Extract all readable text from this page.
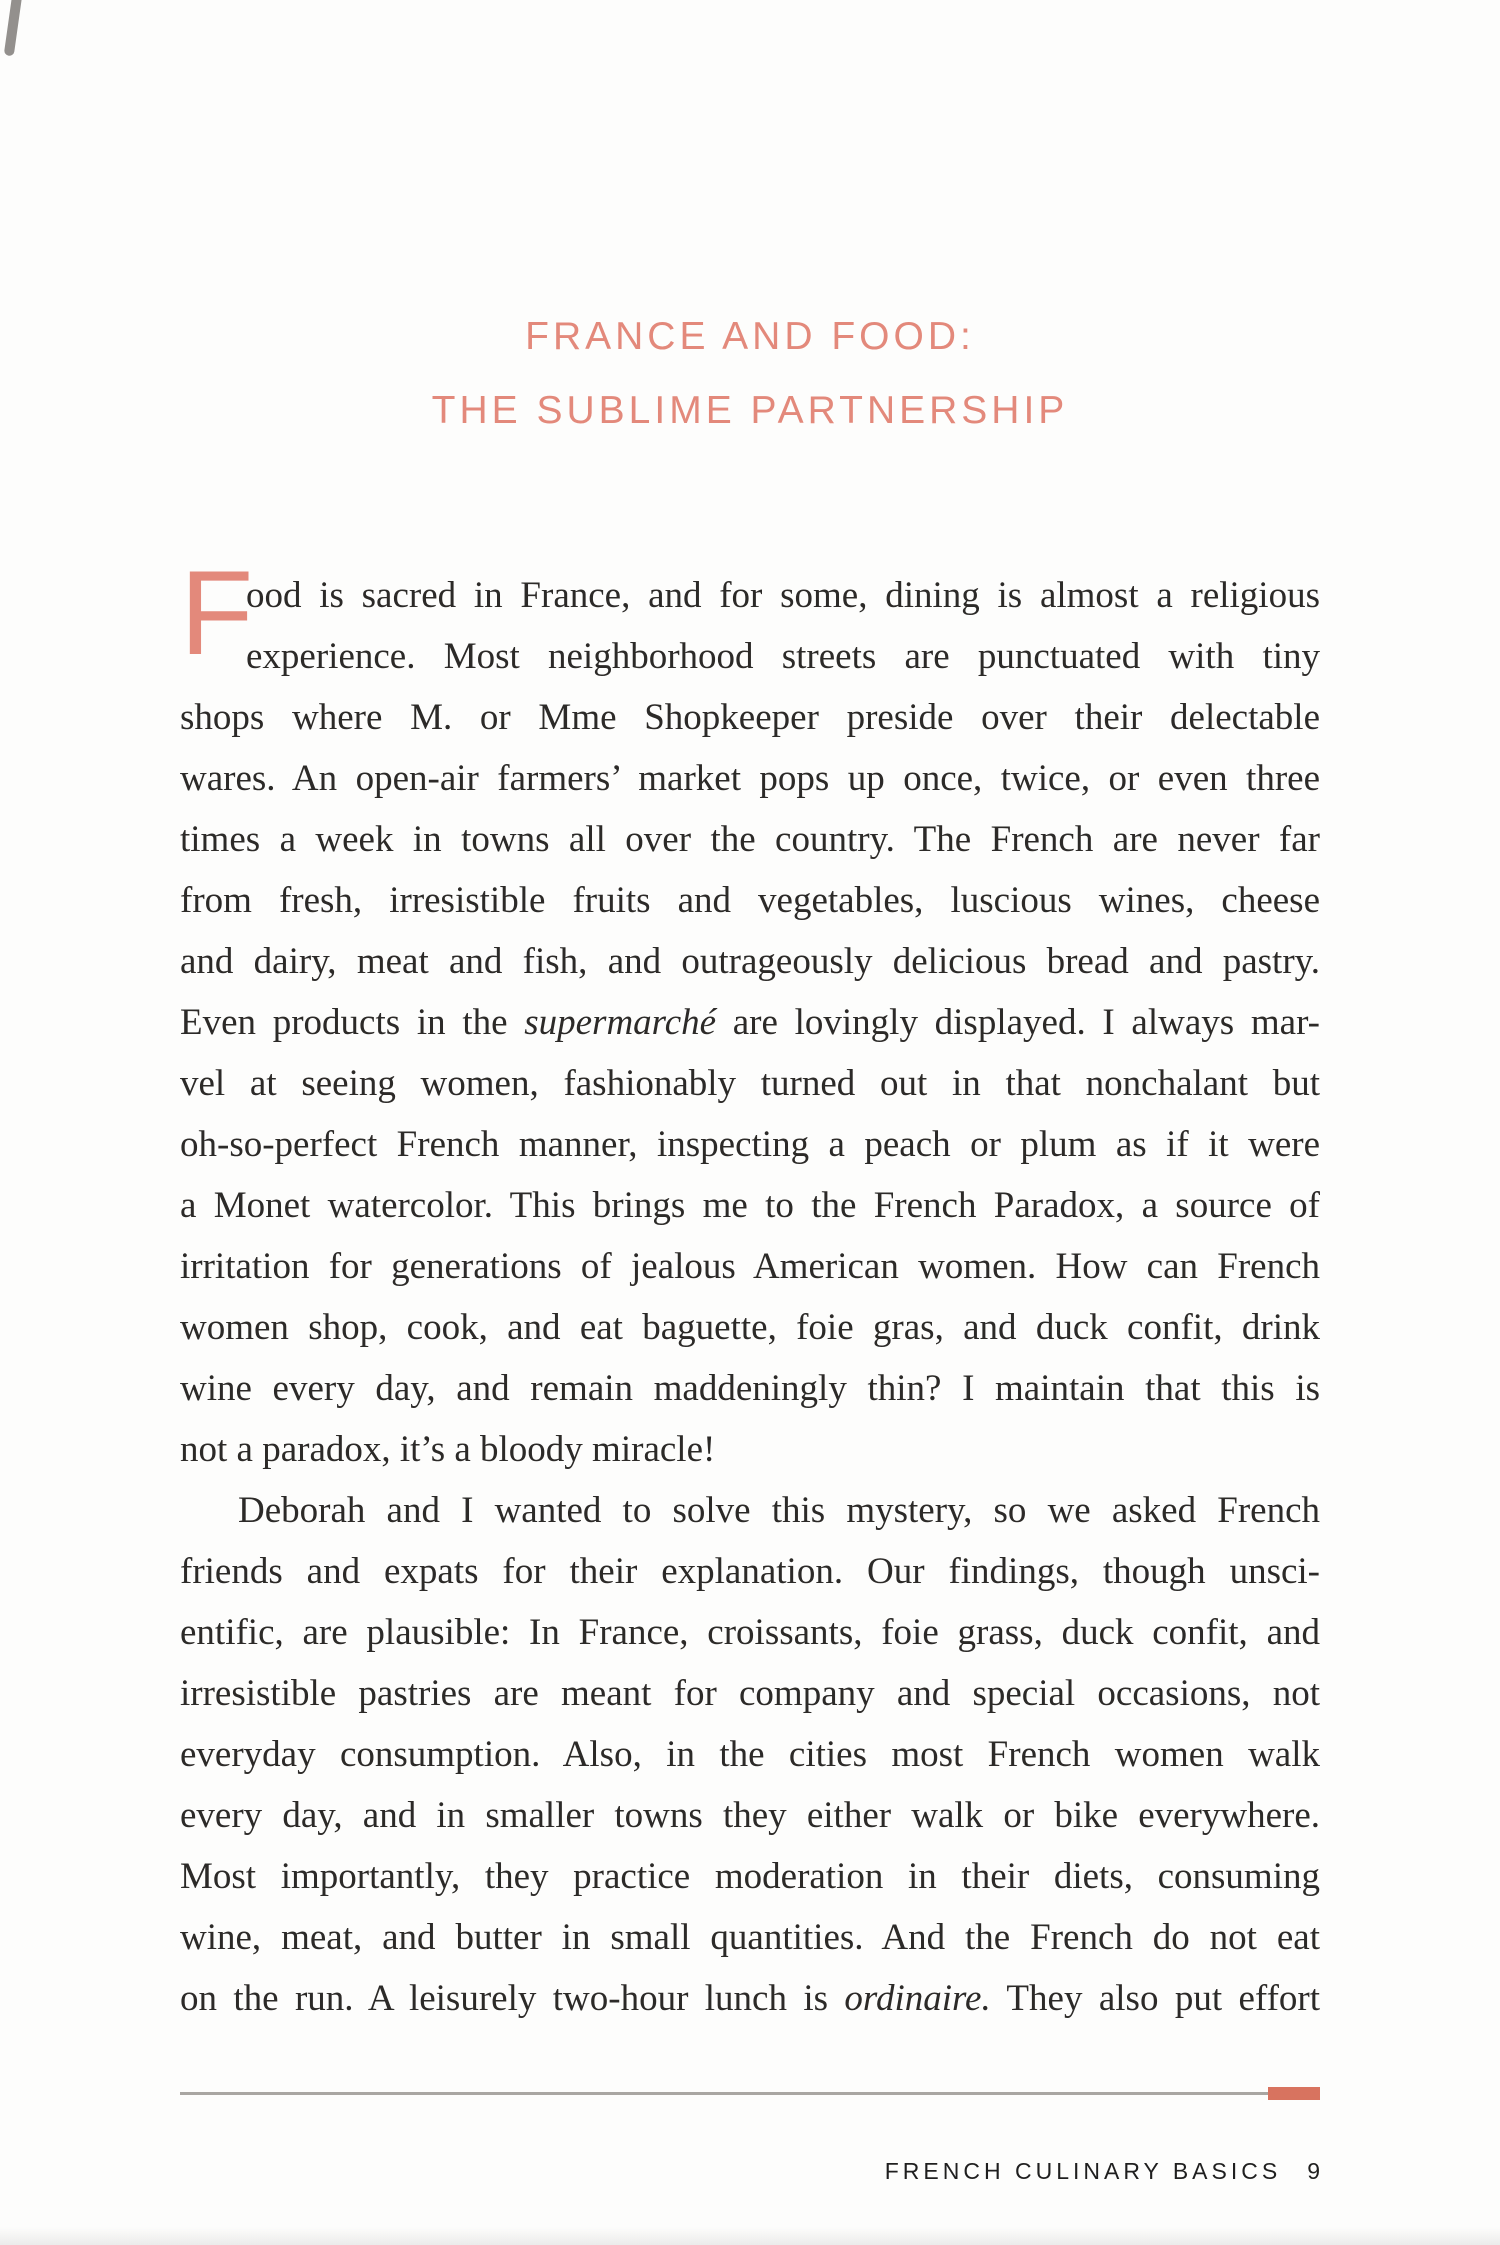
FRANCE AND FOOD:
THE SUBLIME PARTNERSHIP
F
ood is sacred in France, and for some, dining is almost a religious
experience. Most neighborhood streets are punctuated with tiny
shops where M. or Mme Shopkeeper preside over their delectable
wares. An open-air farmers’ market pops up once, twice, or even three
times a week in towns all over the country. The French are never far
from fresh, irresistible fruits and vegetables, luscious wines, cheese
and dairy, meat and fish, and outrageously delicious bread and pastry.
Even products in the supermarché are lovingly displayed. I always mar-
vel at seeing women, fashionably turned out in that nonchalant but
oh-so-perfect French manner, inspecting a peach or plum as if it were
a Monet watercolor. This brings me to the French Paradox, a source of
irritation for generations of jealous American women. How can French
women shop, cook, and eat baguette, foie gras, and duck confit, drink
wine every day, and remain maddeningly thin? I maintain that this is
not a paradox, it’s a bloody miracle!
Deborah and I wanted to solve this mystery, so we asked French
friends and expats for their explanation. Our findings, though unsci-
entific, are plausible: In France, croissants, foie grass, duck confit, and
irresistible pastries are meant for company and special occasions, not
everyday consumption. Also, in the cities most French women walk
every day, and in smaller towns they either walk or bike everywhere.
Most importantly, they practice moderation in their diets, consuming
wine, meat, and butter in small quantities. And the French do not eat
on the run. A leisurely two-hour lunch is ordinaire. They also put effort
FRENCH CULINARY BASICS 9
